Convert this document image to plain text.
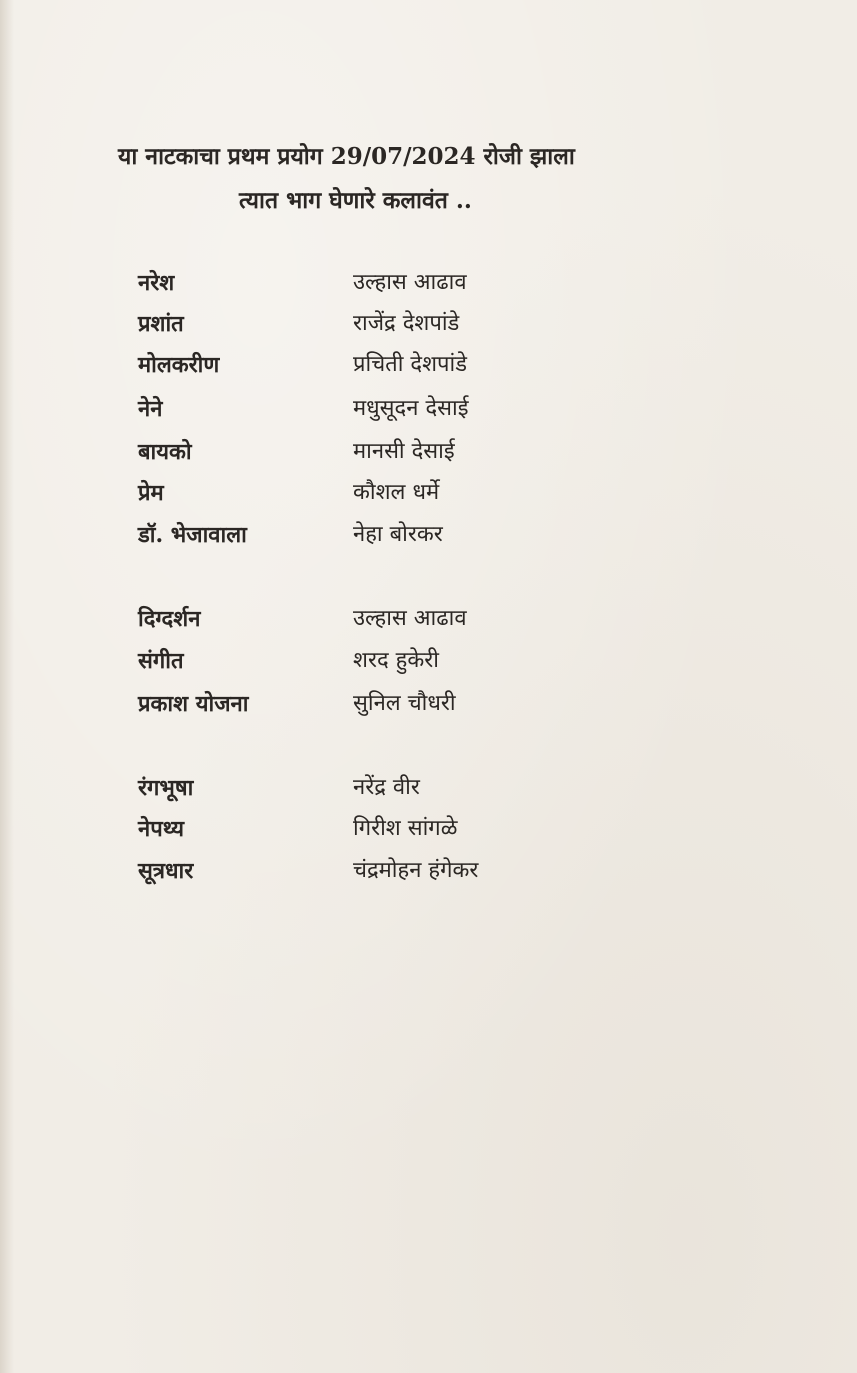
या नाटकाचा प्रथम प्रयोग 29/07/2024 रोजी झाला
त्यात भाग घेणारे कलावंत ..
नरेश	उल्हास आढाव
प्रशांत	राजेंद्र देशपांडे
मोलकरीण	प्रचिती देशपांडे
नेने	मधुसूदन देसाई
बायको	मानसी देसाई
प्रेम	कौशल धर्मे
डॉ. भेजावाला	नेहा बोरकर
दिग्दर्शन	उल्हास आढाव
संगीत	शरद हुकेरी
प्रकाश योजना	सुनिल चौधरी
रंगभूषा	नरेंद्र वीर
नेपथ्य	गिरीश सांगळे
सूत्रधार	चंद्रमोहन हंगेकर
